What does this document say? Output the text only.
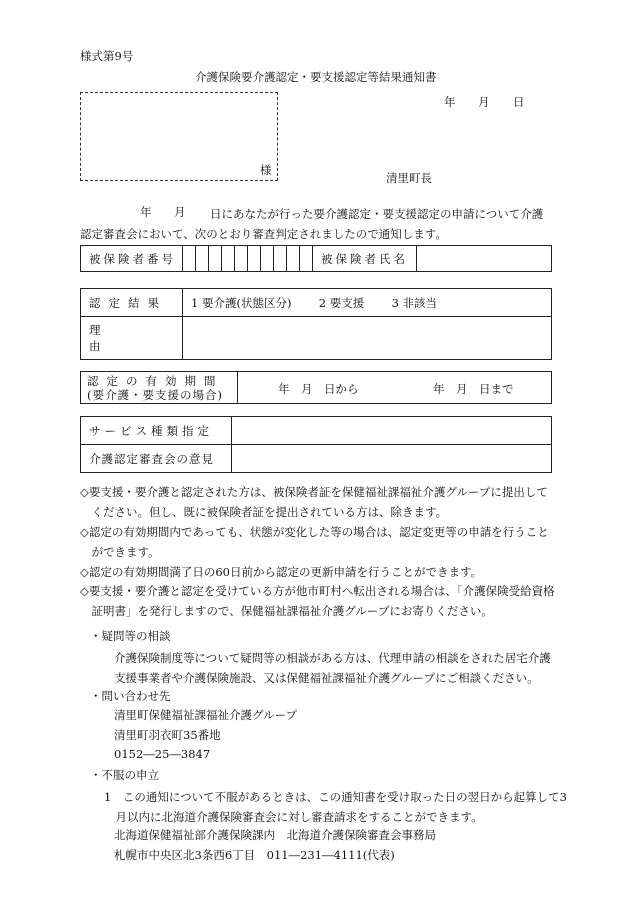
様式第9号
介護保険要介護認定・要支援認定等結果通知書
年 月 日
様
清里町長
年 月	日にあなたが行った要介護認定・要支援認定の申請について介護認定審査会において、次のとおり審査判定されましたので通知します。
被保険者番号											被保険者氏名	
認定結果	1 要介護(状態区分) 2 要支援 3 非該当
理由	
認定の有効期間
(要介護・要支援の場合)	年　月　日から	年　月　日まで
サービス種類指定	
介護認定審査会の意見	
◇要支援・要介護と認定された方は、被保険者証を保健福祉課福祉介護グループに提出してください。但し、既に被保険者証を提出されている方は、除きます。
◇認定の有効期間内であっても、状態が変化した等の場合は、認定変更等の申請を行うことができます。
◇認定の有効期間満了日の60日前から認定の更新申請を行うことができます。
◇要支援・要介護と認定を受けている方が他市町村へ転出される場合は、「介護保険受給資格証明書」を発行しますので、保健福祉課福祉介護グループにお寄りください。
・疑問等の相談
介護保険制度等について疑問等の相談がある方は、代理申請の相談をされた居宅介護支援事業者や介護保険施設、又は保健福祉課福祉介護グループにご相談ください。
・問い合わせ先
清里町保健福祉課福祉介護グループ
清里町羽衣町35番地
0152―25―3847
・不服の申立
1　この通知について不服があるときは、この通知書を受け取った日の翌日から起算して3月以内に北海道介護保険審査会に対し審査請求をすることができます。
北海道保健福祉部介護保険課内　北海道介護保険審査会事務局
札幌市中央区北3条西6丁目　011―231―4111(代表)
